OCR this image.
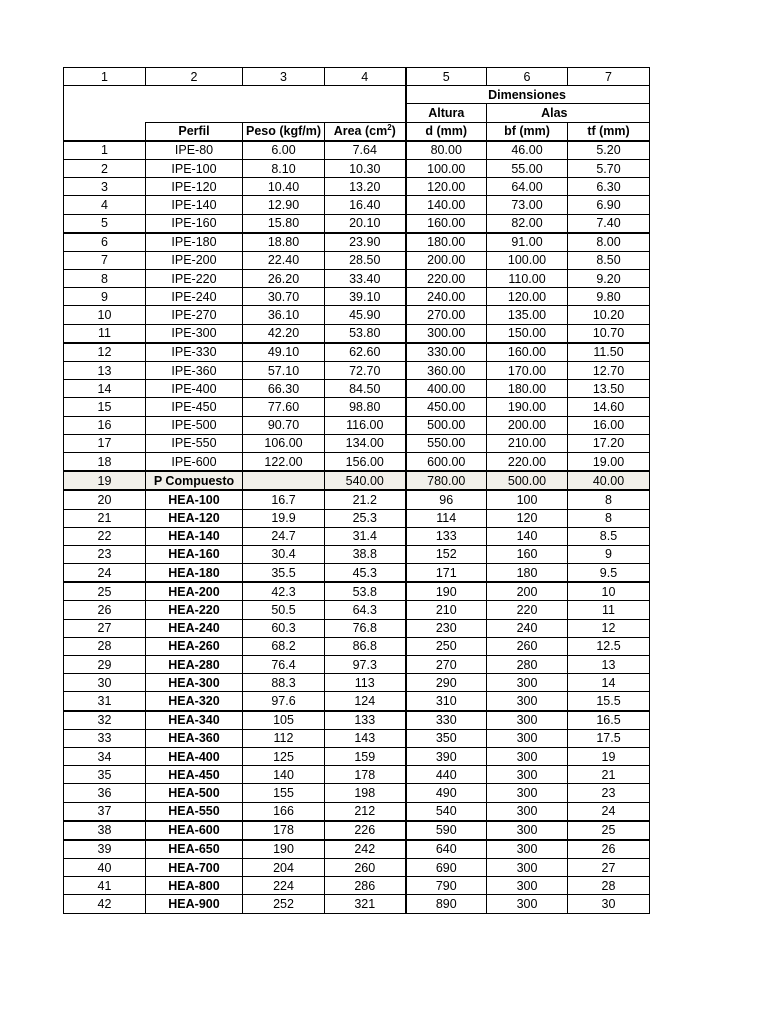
1	2	3	4	5	6	7
					Dimensiones	
				Altura	Alas	
	Perfil	Peso (kgf/m)	Area $(cm^2)$	d (mm)	bf (mm)	tf (mm)
1	IPE-80	6.00	7.64	80.00	46.00	5.20
2	IPE-100	8.10	10.30	100.00	55.00	5.70
3	IPE-120	10.40	13.20	120.00	64.00	6.30
4	IPE-140	12.90	16.40	140.00	73.00	6.90
5	IPE-160	15.80	20.10	160.00	82.00	7.40
6	IPE-180	18.80	23.90	180.00	91.00	8.00
7	IPE-200	22.40	28.50	200.00	100.00	8.50
8	IPE-220	26.20	33.40	220.00	110.00	9.20
9	IPE-240	30.70	39.10	240.00	120.00	9.80
10	IPE-270	36.10	45.90	270.00	135.00	10.20
11	IPE-300	42.20	53.80	300.00	150.00	10.70
12	IPE-330	49.10	62.60	330.00	160.00	11.50
13	IPE-360	57.10	72.70	360.00	170.00	12.70
14	IPE-400	66.30	84.50	400.00	180.00	13.50
15	IPE-450	77.60	98.80	450.00	190.00	14.60
16	IPE-500	90.70	116.00	500.00	200.00	16.00
17	IPE-550	106.00	134.00	550.00	210.00	17.20
18	IPE-600	122.00	156.00	600.00	220.00	19.00
19	P Compuesto		540.00	780.00	500.00	40.00
20	HEA-100	16.7	21.2	96	100	8
21	HEA-120	19.9	25.3	114	120	8
22	HEA-140	24.7	31.4	133	140	8.5
23	HEA-160	30.4	38.8	152	160	9
24	HEA-180	35.5	45.3	171	180	9.5
25	HEA-200	42.3	53.8	190	200	10
26	HEA-220	50.5	64.3	210	220	11
27	HEA-240	60.3	76.8	230	240	12
28	HEA-260	68.2	86.8	250	260	12.5
29	HEA-280	76.4	97.3	270	280	13
30	HEA-300	88.3	113	290	300	14
31	HEA-320	97.6	124	310	300	15.5
32	HEA-340	105	133	330	300	16.5
33	HEA-360	112	143	350	300	17.5
34	HEA-400	125	159	390	300	19
35	HEA-450	140	178	440	300	21
36	HEA-500	155	198	490	300	23
37	HEA-550	166	212	540	300	24
38	HEA-600	178	226	590	300	25
39	HEA-650	190	242	640	300	26
40	HEA-700	204	260	690	300	27
41	HEA-800	224	286	790	300	28
42	HEA-900	252	321	890	300	30
